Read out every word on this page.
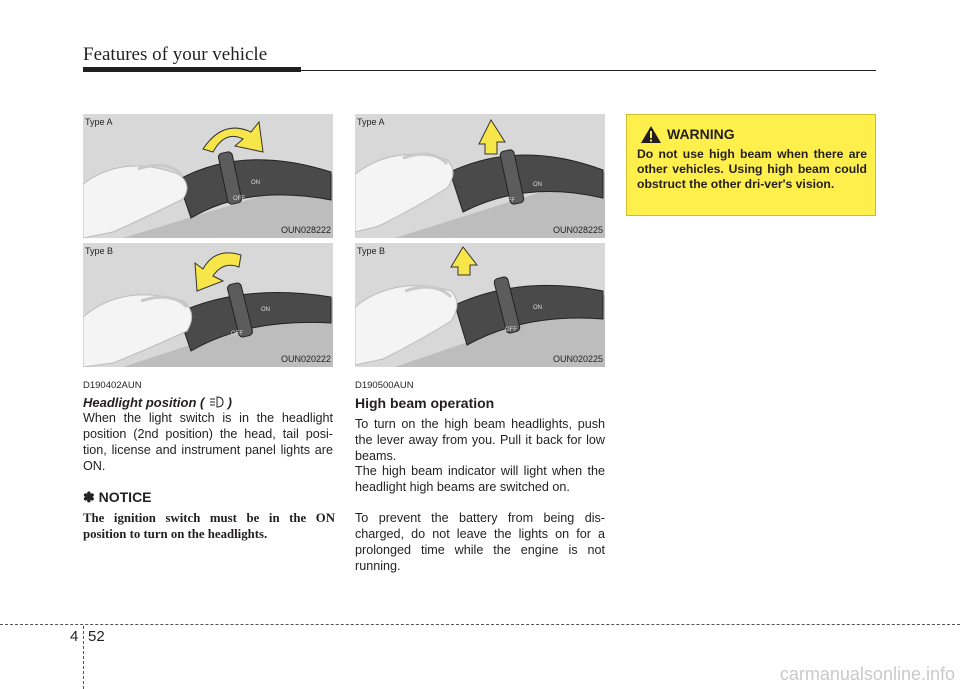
Features of your vehicle
ON
OFF
Type A
OUN028222
ON
OFF
Type B
OUN020222
ON
OFF
Type A
OUN028225
ON
OFF
Type B
OUN020225
D190402AUN
Headlight position (  )

When the light switch is in the headlight position (2nd position) the head, tail posi-tion, license and instrument panel lights are ON.

✽ NOTICE

The ignition switch must be in the ON position to turn on the headlights.

D190500AUN
High beam operation

To turn on the high beam headlights, push the lever away from you. Pull it back for low beams.

The high beam indicator will light when the headlight high beams are switched on.

To prevent the battery from being dis-charged, do not leave the lights on for a prolonged time while the engine is not running.

WARNING

Do not use high beam when there are other vehicles. Using high beam could obstruct the other dri-ver's vision.

4 52
carmanualsonline.info
